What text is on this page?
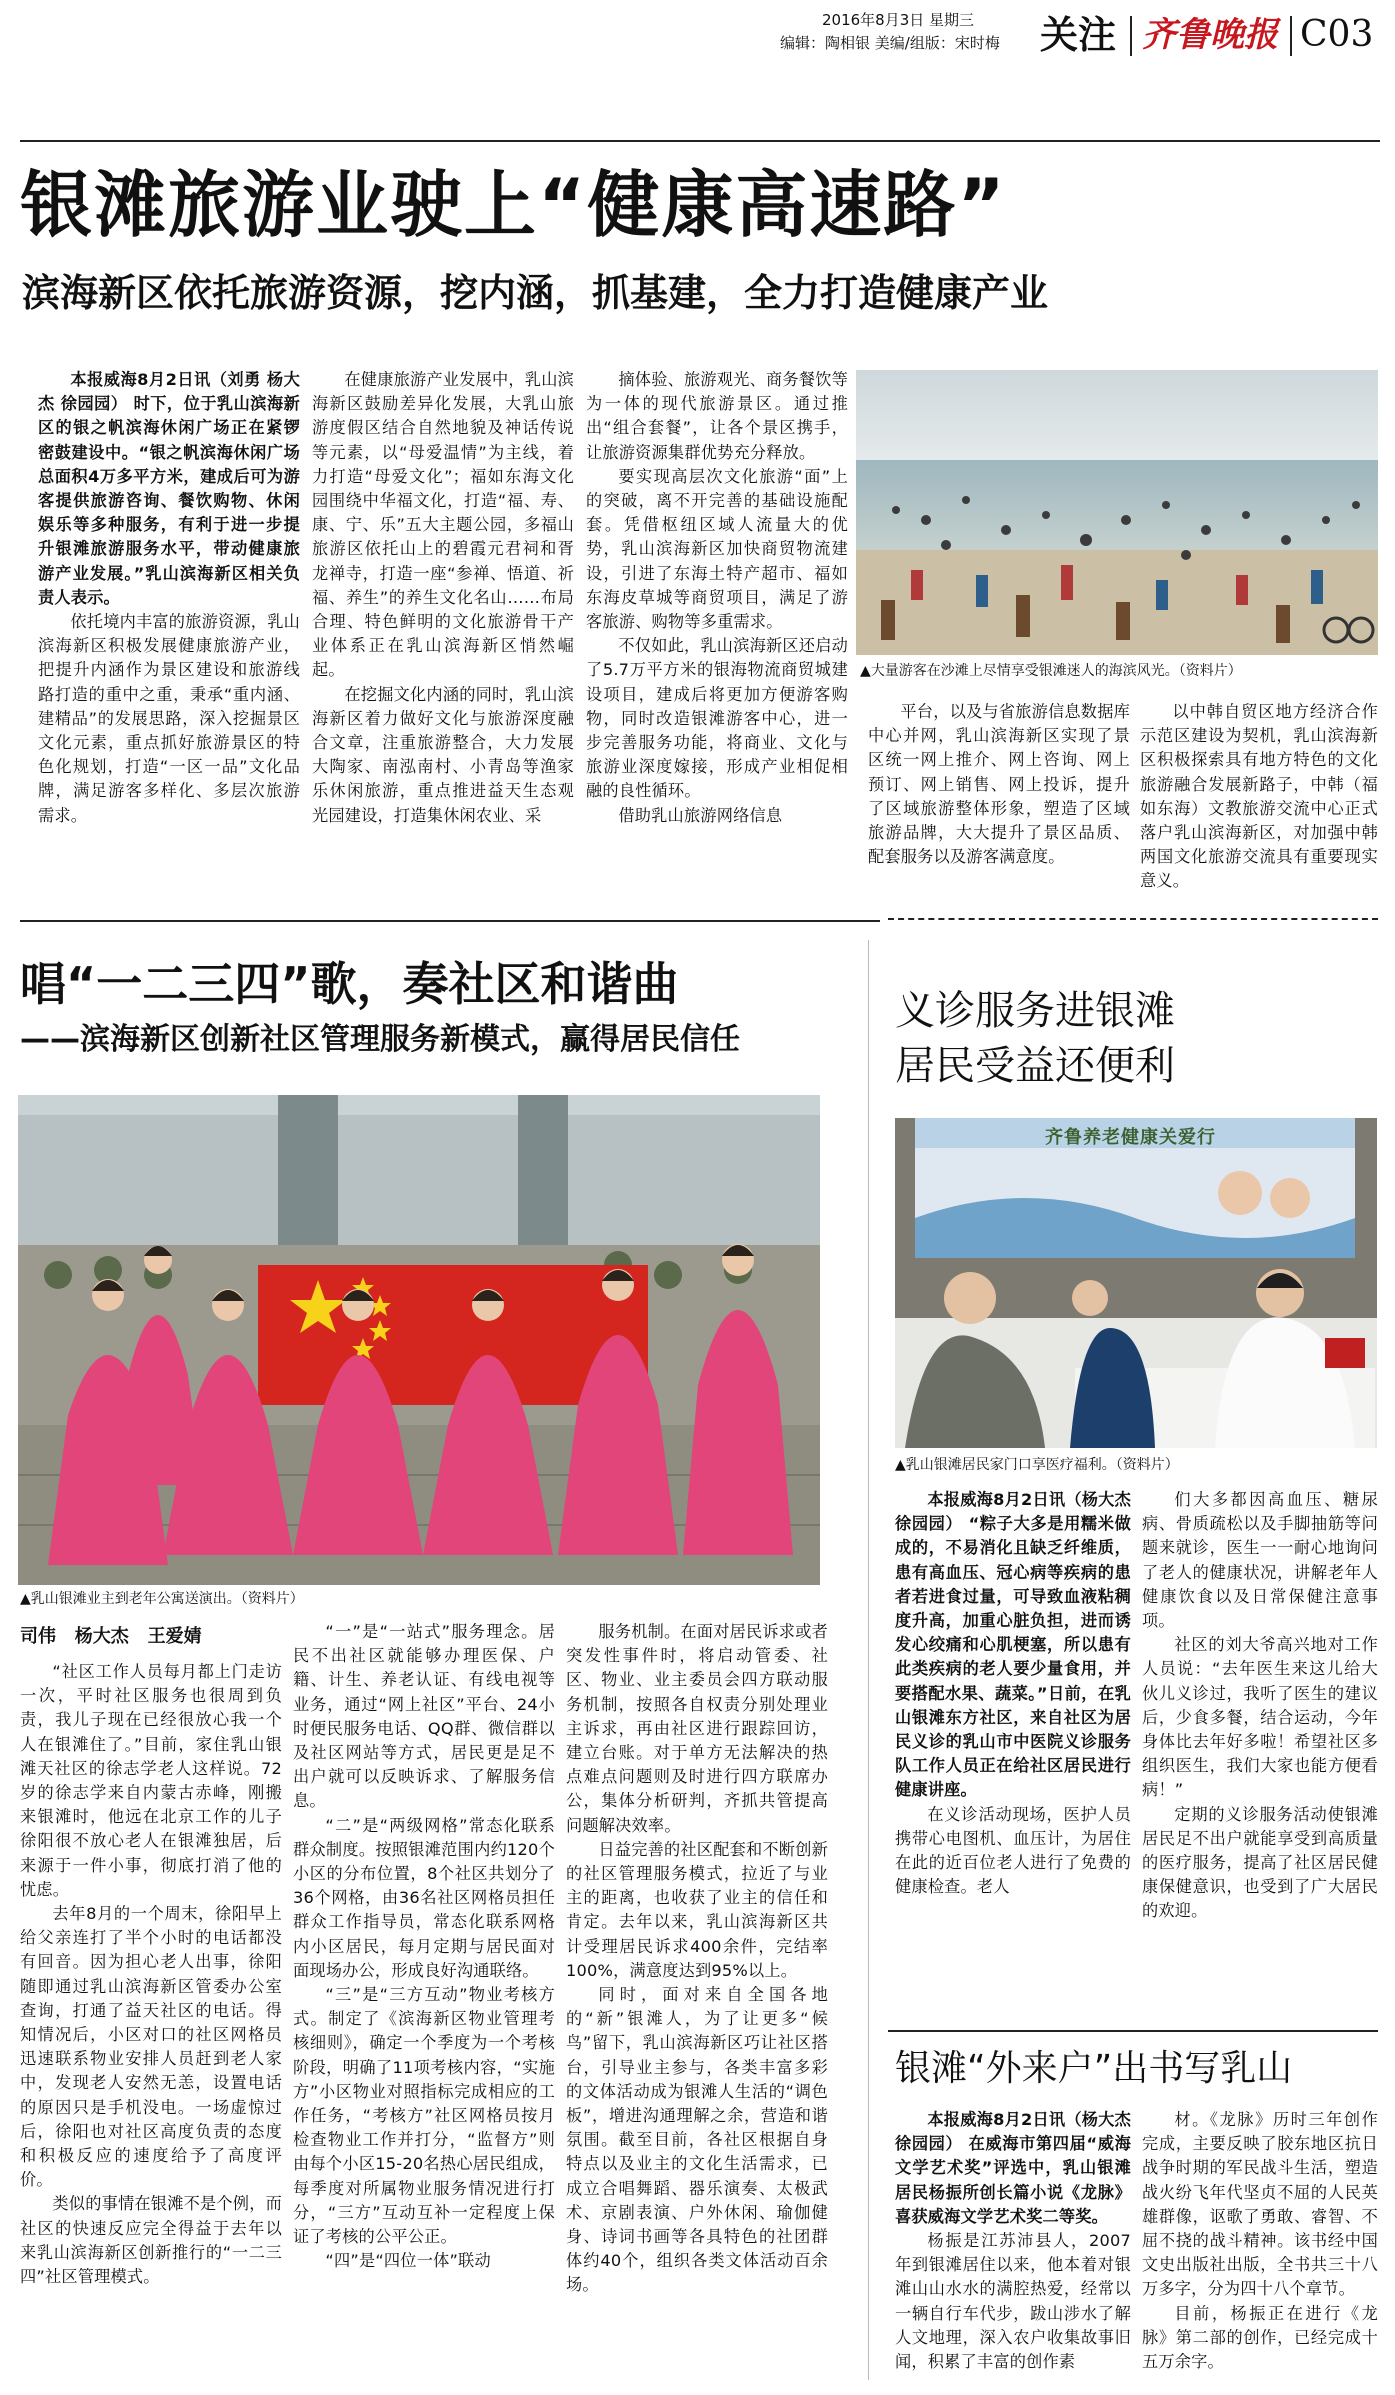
2016年8月3日 星期三
编辑：陶相银 美编/组版：宋时梅 关注 齐鲁晚报 C03
银滩旅游业驶上“健康高速路”
滨海新区依托旅游资源，挖内涵，抓基建，全力打造健康产业

本报威海8月2日讯（刘勇 杨大杰 徐园园） 时下，位于乳山滨海新区的银之帆滨海休闲广场正在紧锣密鼓建设中。“银之帆滨海休闲广场总面积4万多平方米，建成后可为游客提供旅游咨询、餐饮购物、休闲娱乐等多种服务，有利于进一步提升银滩旅游服务水平，带动健康旅游产业发展。”乳山滨海新区相关负责人表示。

依托境内丰富的旅游资源，乳山滨海新区积极发展健康旅游产业，把提升内涵作为景区建设和旅游线路打造的重中之重，秉承“重内涵、建精品”的发展思路，深入挖掘景区文化元素，重点抓好旅游景区的特色化规划，打造“一区一品”文化品牌，满足游客多样化、多层次旅游需求。

在健康旅游产业发展中，乳山滨海新区鼓励差异化发展，大乳山旅游度假区结合自然地貌及神话传说等元素，以“母爱温情”为主线，着力打造“母爱文化”；福如东海文化园围绕中华福文化，打造“福、寿、康、宁、乐”五大主题公园，多福山旅游区依托山上的碧霞元君祠和胥龙禅寺，打造一座“参禅、悟道、祈福、养生”的养生文化名山……布局合理、特色鲜明的文化旅游骨干产业体系正在乳山滨海新区悄然崛起。

在挖掘文化内涵的同时，乳山滨海新区着力做好文化与旅游深度融合文章，注重旅游整合，大力发展大陶家、南泓南村、小青岛等渔家乐休闲旅游，重点推进益天生态观光园建设，打造集休闲农业、采

摘体验、旅游观光、商务餐饮等为一体的现代旅游景区。通过推出“组合套餐”，让各个景区携手，让旅游资源集群优势充分释放。

要实现高层次文化旅游“面”上的突破，离不开完善的基础设施配套。凭借枢纽区域人流量大的优势，乳山滨海新区加快商贸物流建设，引进了东海土特产超市、福如东海皮草城等商贸项目，满足了游客旅游、购物等多重需求。

不仅如此，乳山滨海新区还启动了5.7万平方米的银海物流商贸城建设项目，建成后将更加方便游客购物，同时改造银滩游客中心，进一步完善服务功能，将商业、文化与旅游业深度嫁接，形成产业相促相融的良性循环。

借助乳山旅游网络信息

▲大量游客在沙滩上尽情享受银滩迷人的海滨风光。（资料片）

平台，以及与省旅游信息数据库中心并网，乳山滨海新区实现了景区统一网上推介、网上咨询、网上预订、网上销售、网上投诉，提升了区域旅游整体形象，塑造了区域旅游品牌，大大提升了景区品质、配套服务以及游客满意度。

以中韩自贸区地方经济合作示范区建设为契机，乳山滨海新区积极探索具有地方特色的文化旅游融合发展新路子，中韩（福如东海）文教旅游交流中心正式落户乳山滨海新区，对加强中韩两国文化旅游交流具有重要现实意义。

唱“一二三四”歌，奏社区和谐曲
——滨海新区创新社区管理服务新模式，赢得居民信任
▲乳山银滩业主到老年公寓送演出。（资料片）
司伟   杨大杰   王爱婧

“社区工作人员每月都上门走访一次，平时社区服务也很周到负责，我儿子现在已经很放心我一个人在银滩住了。”目前，家住乳山银滩天社区的徐志学老人这样说。72岁的徐志学来自内蒙古赤峰，刚搬来银滩时，他远在北京工作的儿子徐阳很不放心老人在银滩独居，后来源于一件小事，彻底打消了他的忧虑。

去年8月的一个周末，徐阳早上给父亲连打了半个小时的电话都没有回音。因为担心老人出事，徐阳随即通过乳山滨海新区管委办公室查询，打通了益天社区的电话。得知情况后，小区对口的社区网格员迅速联系物业安排人员赶到老人家中，发现老人安然无恙，设置电话的原因只是手机没电。一场虚惊过后，徐阳也对社区高度负责的态度和积极反应的速度给予了高度评价。

类似的事情在银滩不是个例，而社区的快速反应完全得益于去年以来乳山滨海新区创新推行的“一二三四”社区管理模式。

“一”是“一站式”服务理念。居民不出社区就能够办理医保、户籍、计生、养老认证、有线电视等业务，通过“网上社区”平台、24小时便民服务电话、QQ群、微信群以及社区网站等方式，居民更是足不出户就可以反映诉求、了解服务信息。

“二”是“两级网格”常态化联系群众制度。按照银滩范围内约120个小区的分布位置，8个社区共划分了36个网格，由36名社区网格员担任群众工作指导员，常态化联系网格内小区居民，每月定期与居民面对面现场办公，形成良好沟通联络。

“三”是“三方互动”物业考核方式。制定了《滨海新区物业管理考核细则》，确定一个季度为一个考核阶段，明确了11项考核内容，“实施方”小区物业对照指标完成相应的工作任务，“考核方”社区网格员按月检查物业工作并打分，“监督方”则由每个小区15-20名热心居民组成，每季度对所属物业服务情况进行打分，“三方”互动互补一定程度上保证了考核的公平公正。

“四”是“四位一体”联动

服务机制。在面对居民诉求或者突发性事件时，将启动管委、社区、物业、业主委员会四方联动服务机制，按照各自权责分别处理业主诉求，再由社区进行跟踪回访，建立台账。对于单方无法解决的热点难点问题则及时进行四方联席办公，集体分析研判，齐抓共管提高问题解决效率。

日益完善的社区配套和不断创新的社区管理服务模式，拉近了与业主的距离，也收获了业主的信任和肯定。去年以来，乳山滨海新区共计受理居民诉求400余件，完结率100%，满意度达到95%以上。

同时，面对来自全国各地的“新”银滩人，为了让更多“候鸟”留下，乳山滨海新区巧让社区搭台，引导业主参与，各类丰富多彩的文体活动成为银滩人生活的“调色板”，增进沟通理解之余，营造和谐氛围。截至目前，各社区根据自身特点以及业主的文化生活需求，已成立合唱舞蹈、器乐演奏、太极武术、京剧表演、户外休闲、瑜伽健身、诗词书画等各具特色的社团群体约40个，组织各类文体活动百余场。

义诊服务进银滩
居民受益还便利
齐鲁养老健康关爱行
▲乳山银滩居民家门口享医疗福利。（资料片）

本报威海8月2日讯（杨大杰 徐园园） “粽子大多是用糯米做成的，不易消化且缺乏纤维质，患有高血压、冠心病等疾病的患者若进食过量，可导致血液粘稠度升高，加重心脏负担，进而诱发心绞痛和心肌梗塞，所以患有此类疾病的老人要少量食用，并要搭配水果、蔬菜。”日前，在乳山银滩东方社区，来自社区为居民义诊的乳山市中医院义诊服务队工作人员正在给社区居民进行健康讲座。

在义诊活动现场，医护人员携带心电图机、血压计，为居住在此的近百位老人进行了免费的健康检查。老人

们大多都因高血压、糖尿病、骨质疏松以及手脚抽筋等问题来就诊，医生一一耐心地询问了老人的健康状况，讲解老年人健康饮食以及日常保健注意事项。

社区的刘大爷高兴地对工作人员说：“去年医生来这儿给大伙儿义诊过，我听了医生的建议后，少食多餐，结合运动，今年身体比去年好多啦！希望社区多组织医生，我们大家也能方便看病！”

定期的义诊服务活动使银滩居民足不出户就能享受到高质量的医疗服务，提高了社区居民健康保健意识，也受到了广大居民的欢迎。

银滩“外来户”出书写乳山

本报威海8月2日讯（杨大杰 徐园园） 在威海市第四届“威海文学艺术奖”评选中，乳山银滩居民杨振所创长篇小说《龙脉》喜获威海文学艺术奖二等奖。

杨振是江苏沛县人，2007年到银滩居住以来，他本着对银滩山山水水的满腔热爱，经常以一辆自行车代步，跋山涉水了解人文地理，深入农户收集故事旧闻，积累了丰富的创作素

材。《龙脉》历时三年创作完成，主要反映了胶东地区抗日战争时期的军民战斗生活，塑造战火纷飞年代坚贞不屈的人民英雄群像，讴歌了勇敢、睿智、不屈不挠的战斗精神。该书经中国文史出版社出版，全书共三十八万多字，分为四十八个章节。

目前，杨振正在进行《龙脉》第二部的创作，已经完成十五万余字。
